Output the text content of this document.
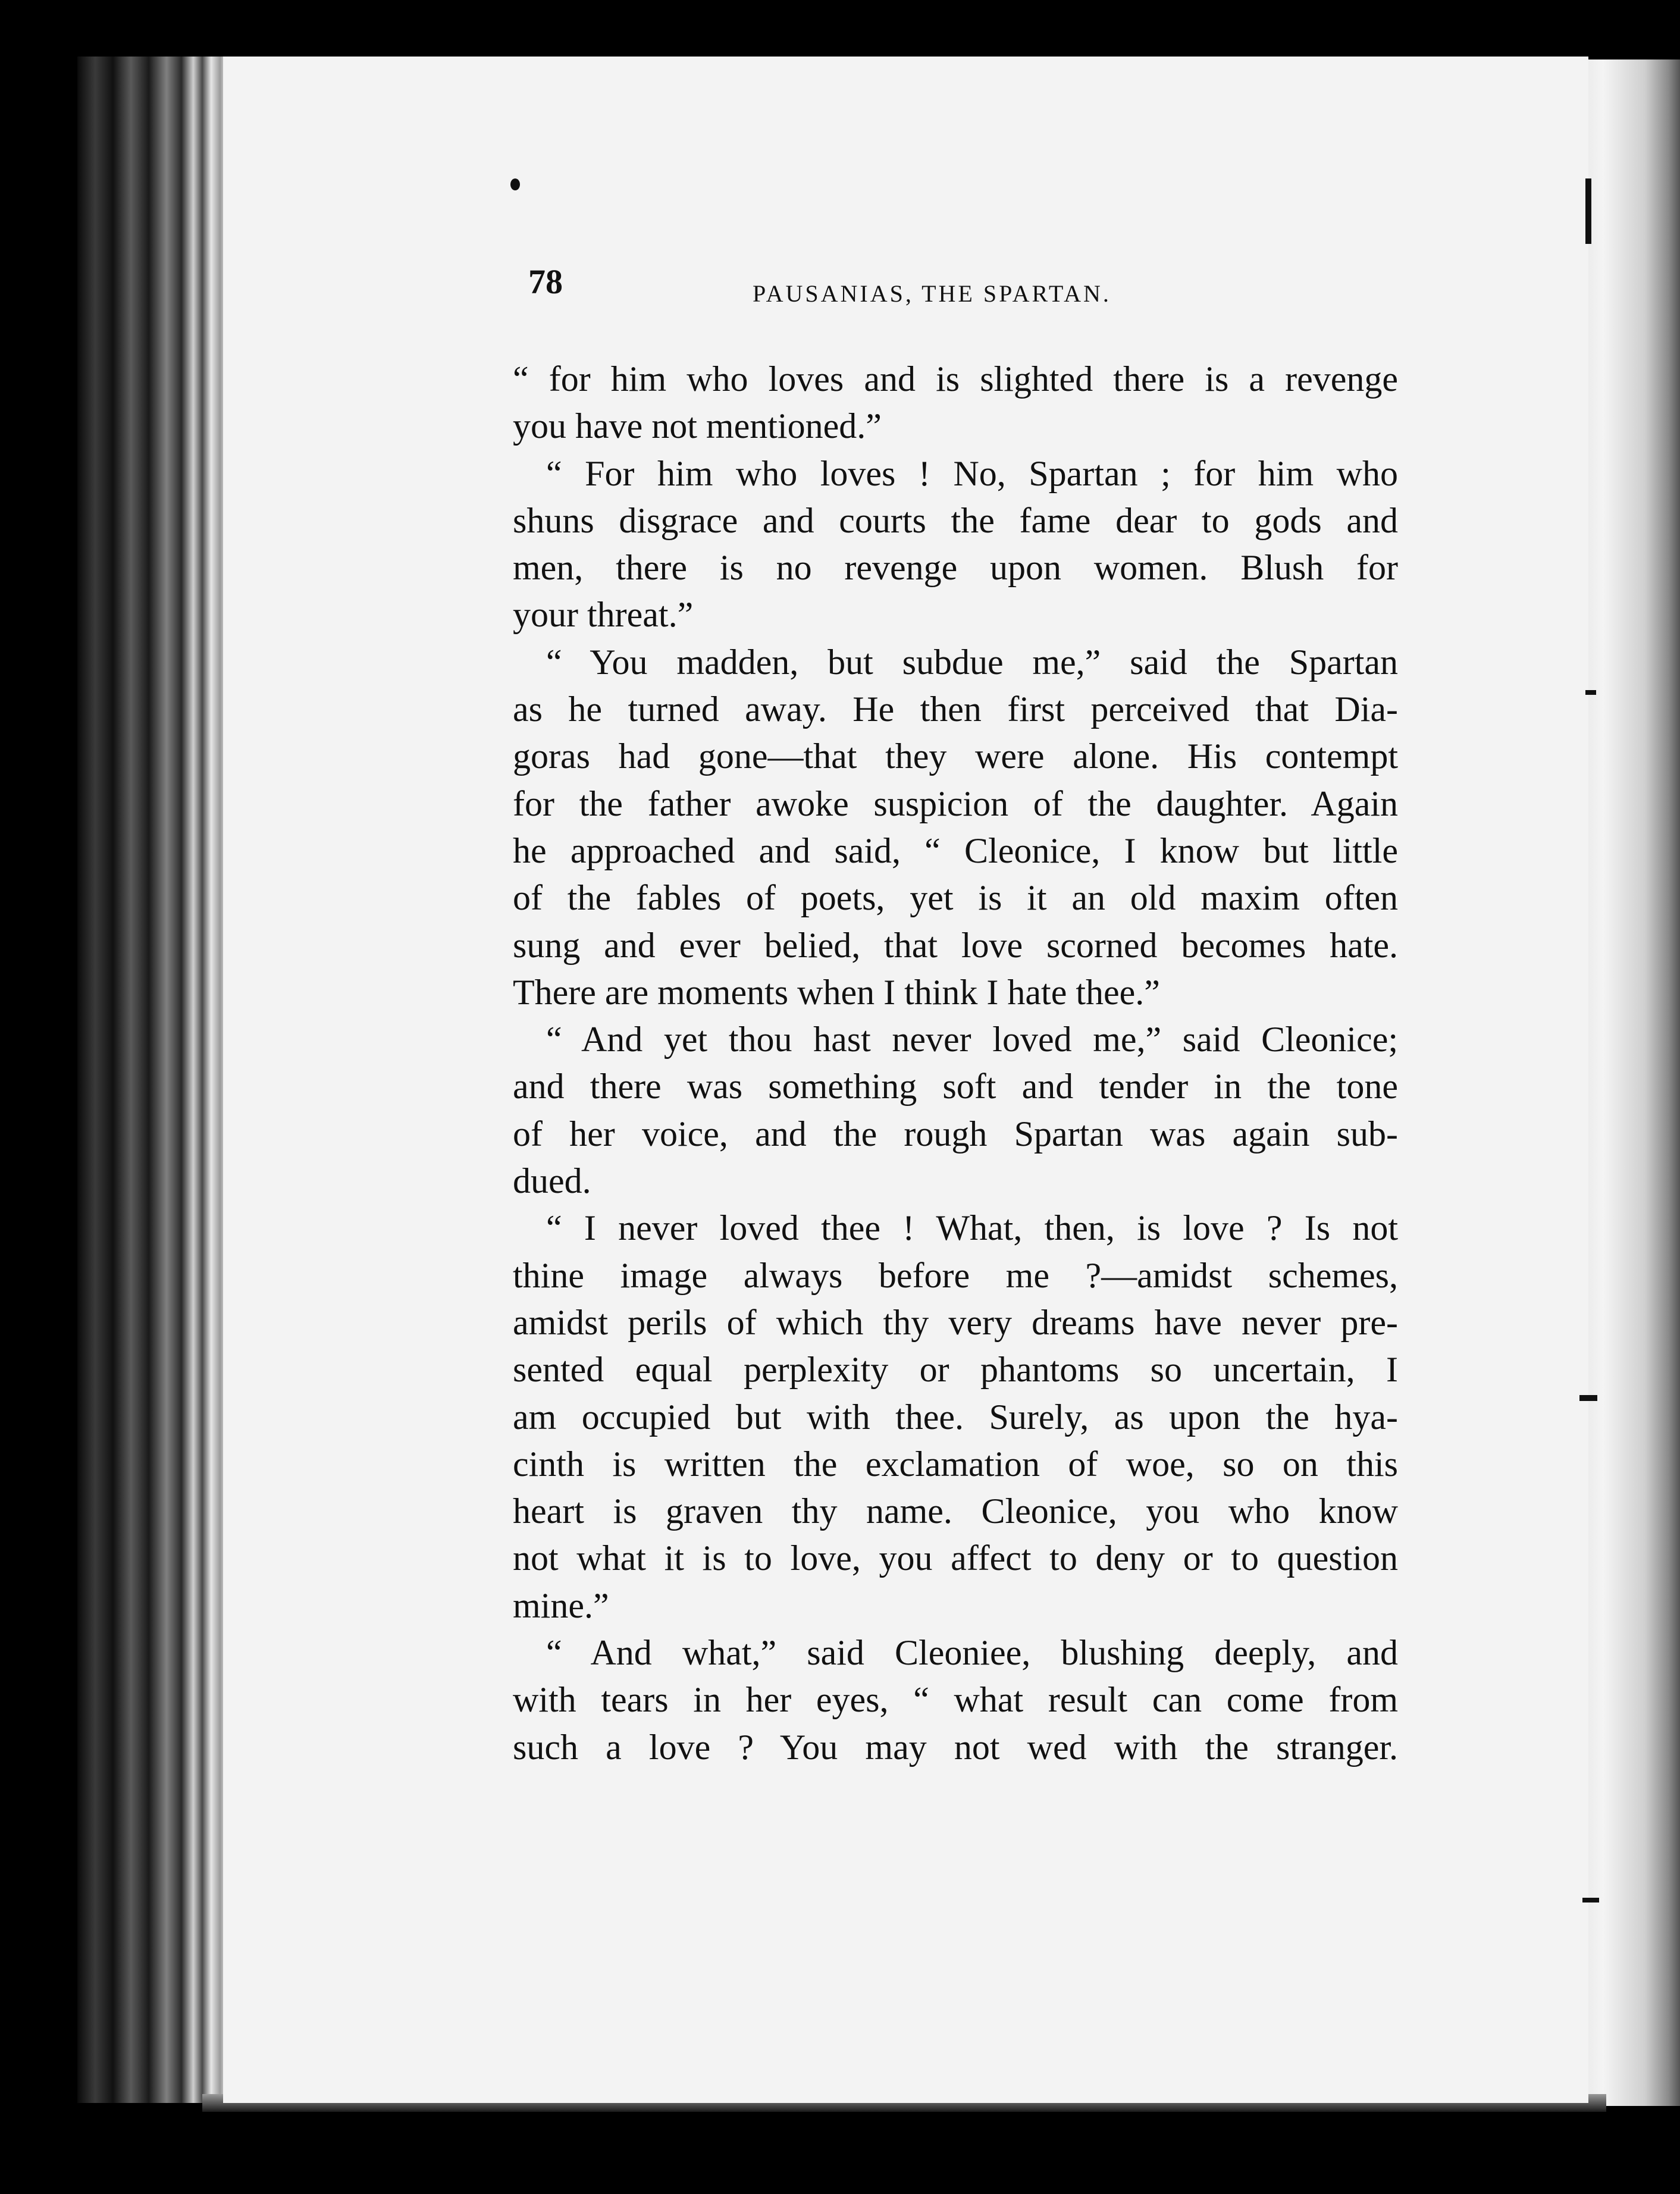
78	PAUSANIAS, THE SPARTAN.
“ for him who loves and is slighted there is a revenge
you have not mentioned.”
“ For him who loves ! No, Spartan ; for him who
shuns disgrace and courts the fame dear to gods and
men, there is no revenge upon women. Blush for
your threat.”
“ You madden, but subdue me,” said the Spartan
as he turned away. He then first perceived that Dia-
goras had gone—that they were alone. His contempt
for the father awoke suspicion of the daughter. Again
he approached and said, “ Cleonice, I know but little
of the fables of poets, yet is it an old maxim often
sung and ever belied, that love scorned becomes hate.
There are moments when I think I hate thee.”
“ And yet thou hast never loved me,” said Cleonice;
and there was something soft and tender in the tone
of her voice, and the rough Spartan was again sub-
dued.
“ I never loved thee ! What, then, is love ? Is not
thine image always before me ?—amidst schemes,
amidst perils of which thy very dreams have never pre-
sented equal perplexity or phantoms so uncertain, I
am occupied but with thee. Surely, as upon the hya-
cinth is written the exclamation of woe, so on this
heart is graven thy name. Cleonice, you who know
not what it is to love, you affect to deny or to question
mine.”
“ And what,” said Cleoniee, blushing deeply, and
with tears in her eyes, “ what result can come from
such a love ? You may not wed with the stranger.
